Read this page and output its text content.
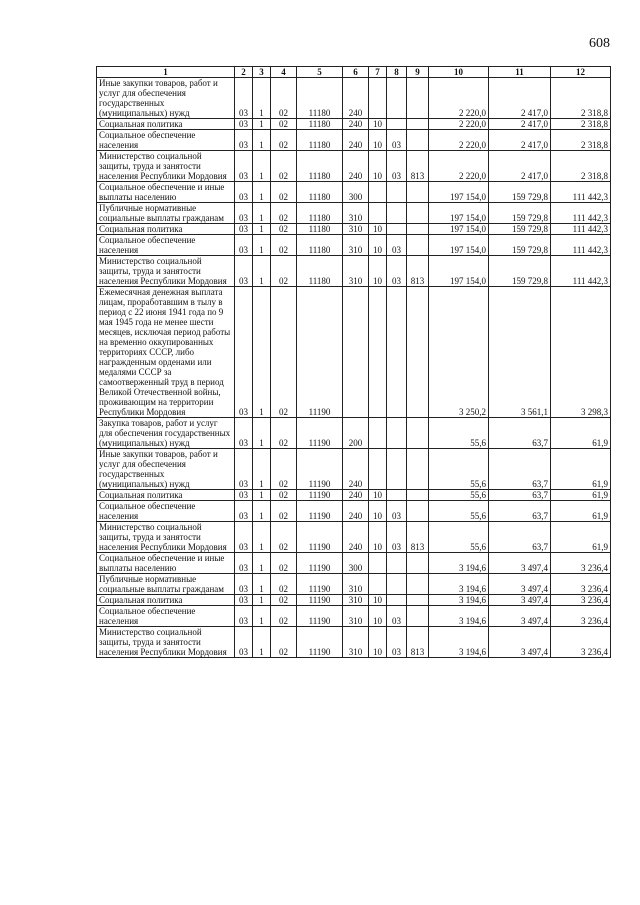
608
1	2	3	4	5	6	7	8	9	10	11	12
Иные закупки товаров, работ и услуг для обеспечения государственных (муниципальных) нужд	03	1	02	11180	240				2 220,0	2 417,0	2 318,8
Социальная политика	03	1	02	11180	240	10			2 220,0	2 417,0	2 318,8
Социальное обеспечение населения	03	1	02	11180	240	10	03		2 220,0	2 417,0	2 318,8
Министерство социальной защиты, труда и занятости населения Республики Мордовия	03	1	02	11180	240	10	03	813	2 220,0	2 417,0	2 318,8
Социальное обеспечение и иные выплаты населению	03	1	02	11180	300				197 154,0	159 729,8	111 442,3
Публичные нормативные социальные выплаты гражданам	03	1	02	11180	310				197 154,0	159 729,8	111 442,3
Социальная политика	03	1	02	11180	310	10			197 154,0	159 729,8	111 442,3
Социальное обеспечение населения	03	1	02	11180	310	10	03		197 154,0	159 729,8	111 442,3
Министерство социальной защиты, труда и занятости населения Республики Мордовия	03	1	02	11180	310	10	03	813	197 154,0	159 729,8	111 442,3
Ежемесячная денежная выплата лицам, проработавшим в тылу в период с 22 июня 1941 года по 9 мая 1945 года не менее шести месяцев, исключая период работы на временно оккупированных территориях СССР, либо награжденным орденами или медалями СССР за самоотверженный труд в период Великой Отечественной войны, проживающим на территории Республики Мордовия	03	1	02	11190					3 250,2	3 561,1	3 298,3
Закупка товаров, работ и услуг для обеспечения государственных (муниципальных) нужд	03	1	02	11190	200				55,6	63,7	61,9
Иные закупки товаров, работ и услуг для обеспечения государственных (муниципальных) нужд	03	1	02	11190	240				55,6	63,7	61,9
Социальная политика	03	1	02	11190	240	10			55,6	63,7	61,9
Социальное обеспечение населения	03	1	02	11190	240	10	03		55,6	63,7	61,9
Министерство социальной защиты, труда и занятости населения Республики Мордовия	03	1	02	11190	240	10	03	813	55,6	63,7	61,9
Социальное обеспечение и иные выплаты населению	03	1	02	11190	300				3 194,6	3 497,4	3 236,4
Публичные нормативные социальные выплаты гражданам	03	1	02	11190	310				3 194,6	3 497,4	3 236,4
Социальная политика	03	1	02	11190	310	10			3 194,6	3 497,4	3 236,4
Социальное обеспечение населения	03	1	02	11190	310	10	03		3 194,6	3 497,4	3 236,4
Министерство социальной защиты, труда и занятости населения Республики Мордовия	03	1	02	11190	310	10	03	813	3 194,6	3 497,4	3 236,4
